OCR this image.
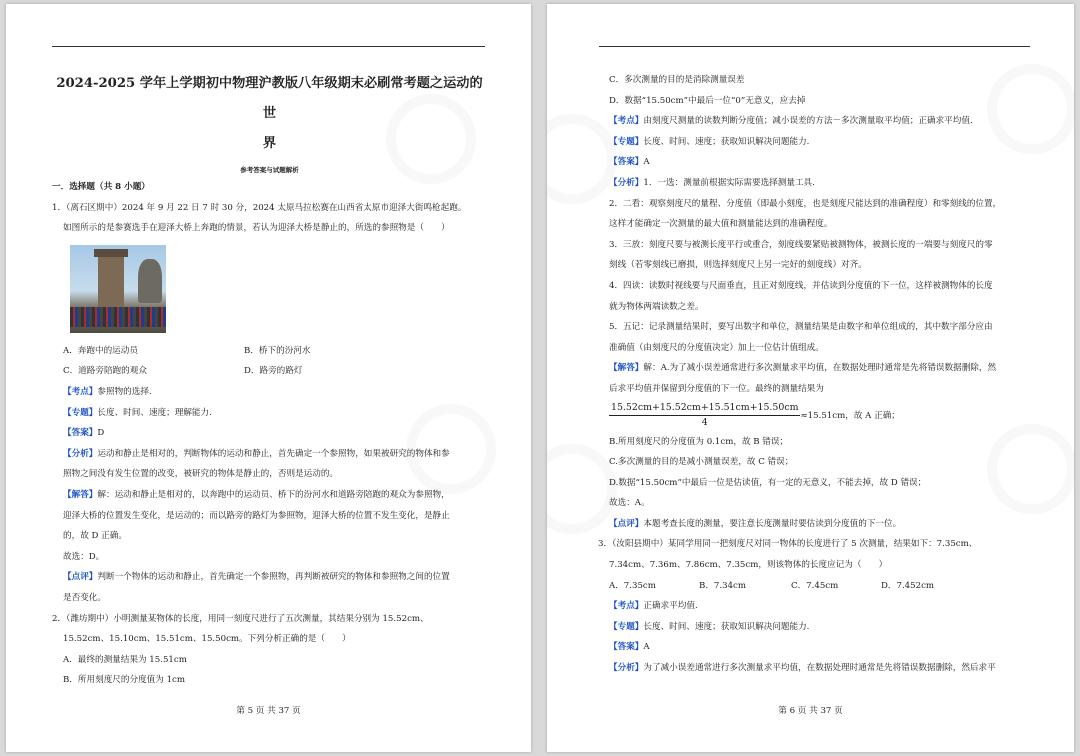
2024-2025 学年上学期初中物理沪教版八年级期末必刷常考题之运动的世
界
参考答案与试题解析
一．选择题（共 8 小题）
1．（离石区期中）2024 年 9 月 22 日 7 时 30 分，2024 太原马拉松赛在山西省太原市迎泽大街鸣枪起跑。
如图所示的是参赛选手在迎泽大桥上奔跑的情景，若认为迎泽大桥是静止的，所选的参照物是（　　）
A．奔跑中的运动员	B．桥下的汾河水
C．道路旁陪跑的观众	D．路旁的路灯
【考点】参照物的选择.
【专题】长度、时间、速度；理解能力.
【答案】D
【分析】运动和静止是相对的，判断物体的运动和静止，首先确定一个参照物，如果被研究的物体和参
照物之间没有发生位置的改变，被研究的物体是静止的，否则是运动的。
【解答】解：运动和静止是相对的，以奔跑中的运动员、桥下的汾河水和道路旁陪跑的观众为参照物，
迎泽大桥的位置发生变化，是运动的；而以路旁的路灯为参照物，迎泽大桥的位置不发生变化，是静止
的，故 D 正确。
故选：D。
【点评】判断一个物体的运动和静止，首先确定一个参照物，再判断被研究的物体和参照物之间的位置
是否变化。
2．（潍坊期中）小明测量某物体的长度，用同一刻度尺进行了五次测量，其结果分别为 15.52cm、
15.52cm、15.10cm、15.51cm、15.50cm。下列分析正确的是（　　）
A．最终的测量结果为 15.51cm
B．所用刻度尺的分度值为 1cm
第 5 页 共 37 页
C．多次测量的目的是消除测量误差
D．数据“15.50cm”中最后一位“0”无意义，应去掉
【考点】由刻度尺测量的读数判断分度值；减小误差的方法－多次测量取平均值；正确求平均值.
【专题】长度、时间、速度；获取知识解决问题能力.
【答案】A
【分析】1．一选：测量前根据实际需要选择测量工具.
2．二看：观察刻度尺的量程、分度值（即最小刻度，也是刻度尺能达到的准确程度）和零刻线的位置，
这样才能确定一次测量的最大值和测量能达到的准确程度。
3．三放：刻度尺要与被测长度平行或重合，刻度线要紧贴被测物体，被测长度的一端要与刻度尺的零
刻线（若零刻线已磨损，则选择刻度尺上另一完好的刻度线）对齐。
4．四读：读数时视线要与尺面垂直，且正对刻度线，并估读到分度值的下一位，这样被测物体的长度
就为物体两端读数之差。
5．五记：记录测量结果时，要写出数字和单位，测量结果是由数字和单位组成的，其中数字部分应由
准确值（由刻度尺的分度值决定）加上一位估计值组成。
【解答】解：A.为了减小误差通常进行多次测量求平均值，在数据处理时通常是先将错误数据删除，然
后求平均值并保留到分度值的下一位。最终的测量结果为
$\frac{15.52cm+15.52cm+15.51cm+15.50cm}{4} \approx 15.51cm$，故 A 正确；
B.所用刻度尺的分度值为 0.1cm，故 B 错误；
C.多次测量的目的是减小测量误差，故 C 错误；
D.数据“15.50cm”中最后一位是估读值，有一定的无意义，不能去掉，故 D 错误；
故选：A。
【点评】本题考查长度的测量，要注意长度测量时要估读到分度值的下一位。
3．（汝阳县期中）某同学用同一把刻度尺对同一物体的长度进行了 5 次测量，结果如下：7.35cm、
7.34cm、7.36m、7.86cm、7.35cm，则该物体的长度应记为（　　）
A．7.35cm	B．7.34cm	C．7.45cm	D．7.452cm
【考点】正确求平均值.
【专题】长度、时间、速度；获取知识解决问题能力.
【答案】A
【分析】为了减小误差通常进行多次测量求平均值，在数据处理时通常是先将错误数据删除，然后求平
第 6 页 共 37 页
